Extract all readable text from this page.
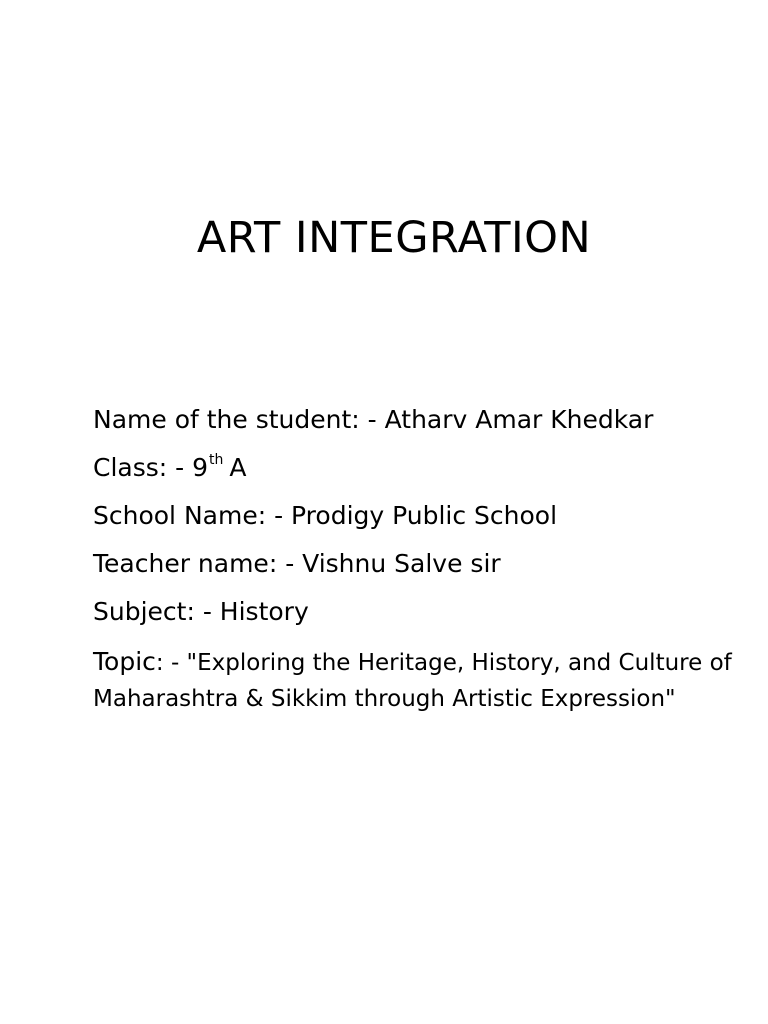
ART INTEGRATION
Name of the student: - Atharv Amar Khedkar
Class: - 9th A
School Name: - Prodigy Public School
Teacher name: - Vishnu Salve sir
Subject: - History
Topic: - "Exploring the Heritage, History, and Culture of Maharashtra & Sikkim through Artistic Expression"
